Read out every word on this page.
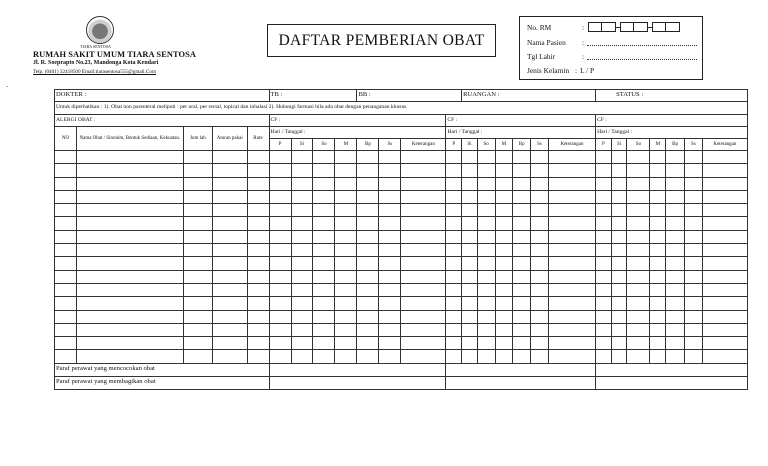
TIARA SENTOSA
RUMAH SAKIT UMUM TIARA SENTOSA
Jl. R. Soeprapto No.23, Mandonga Kota Kendari
Telp. (0401) 32418500 Email:tiarasentosa555@gmail.Com
-
DAFTAR PEMBERIAN OBAT
No. RM	:
Nama Pasien	:
Tgl Lahir	:
Jenis Kelamin : L / P
DOKTER :					TB :				BB :				RUANGAN :						STATUS :						
Untuk diperhatikan : 1). Obat non parenteral meliputi : per oral, per rectal, topical dan inhalasi 2). Hubungi farmasi bila ada obat dengan penanganan khusus																									
ALERGI OBAT :					CF :							CF :							CF :						
NO	Nama Obat / Sinonim, Bentuk Sediaan, Kekuatan.	Jum lah	Aturan pakai	Rute	Hari / Tanggal :							Hari / Tanggal :							Hari / Tanggal :						
					P	Si	So	M	Bp	Ss	Keterangan	P	Si	So	M	Bp	Ss	Keterangan	P	Si	So	M	Bp	Ss	Keterangan

Paraf perawat yang mencocokan obat																									
Paraf perawat yang membagikan obat																									
